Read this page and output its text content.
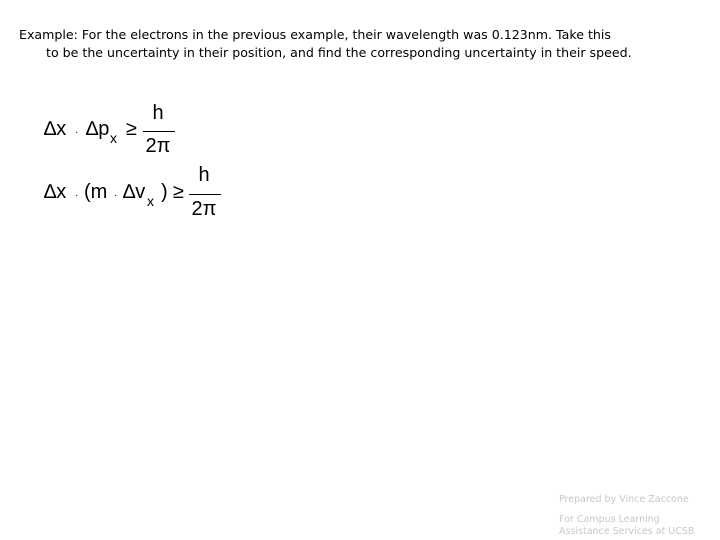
Example: For the electrons in the previous example, their wavelength was 0.123nm. Take this
to be the uncertainty in their position, and find the corresponding uncertainty in their speed.

∆x · ∆p x ≥
h
2π
∆x · (m · ∆v x ) ≥
h
2π
Prepared by Vince Zaccone
For Campus Learning
Assistance Services at UCSB
